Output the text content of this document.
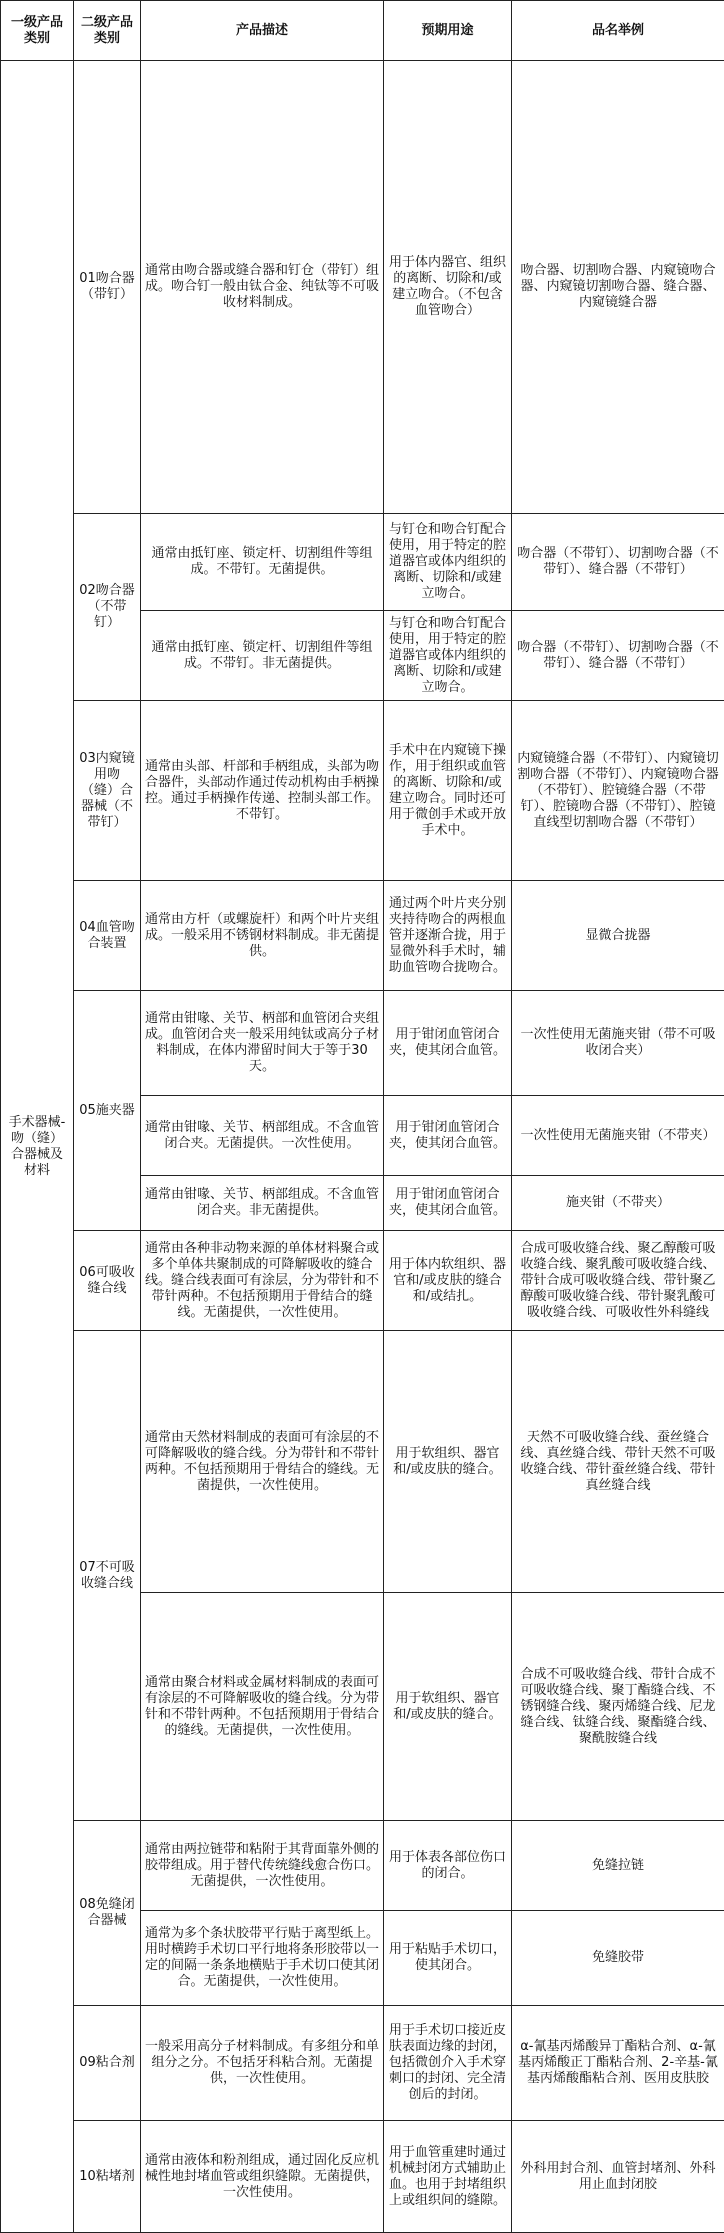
一级产品类别	二级产品类别	产品描述	预期用途	品名举例
手术器械-吻（缝）合器械及材料	01吻合器（带钉）	通常由吻合器或缝合器和钉仓（带钉）组成。吻合钉一般由钛合金、纯钛等不可吸收材料制成。	用于体内器官、组织的离断、切除和/或建立吻合。（不包含血管吻合）	吻合器、切割吻合器、内窥镜吻合器、内窥镜切割吻合器、缝合器、内窥镜缝合器
	02吻合器（不带钉）	通常由抵钉座、锁定杆、切割组件等组成。不带钉。无菌提供。	与钉仓和吻合钉配合使用，用于特定的腔道器官或体内组织的离断、切除和/或建立吻合。	吻合器（不带钉）、切割吻合器（不带钉）、缝合器（不带钉）
		通常由抵钉座、锁定杆、切割组件等组成。不带钉。非无菌提供。	与钉仓和吻合钉配合使用，用于特定的腔道器官或体内组织的离断、切除和/或建立吻合。	吻合器（不带钉）、切割吻合器（不带钉）、缝合器（不带钉）
	03内窥镜用吻（缝）合器械（不带钉）	通常由头部、杆部和手柄组成，头部为吻合器件，头部动作通过传动机构由手柄操控。通过手柄操作传递、控制头部工作。不带钉。	手术中在内窥镜下操作，用于组织或血管的离断、切除和/或建立吻合。同时还可用于微创手术或开放手术中。	内窥镜缝合器（不带钉）、内窥镜切割吻合器（不带钉）、内窥镜吻合器（不带钉）、腔镜缝合器（不带钉）、腔镜吻合器（不带钉）、腔镜直线型切割吻合器（不带钉）
	04血管吻合装置	通常由方杆（或螺旋杆）和两个叶片夹组成。一般采用不锈钢材料制成。非无菌提供。	通过两个叶片夹分别夹持待吻合的两根血管并逐渐合拢，用于显微外科手术时，辅助血管吻合拢吻合。	显微合拢器
	05施夹器	通常由钳喙、关节、柄部和血管闭合夹组成。血管闭合夹一般采用纯钛或高分子材料制成，在体内滞留时间大于等于30天。	用于钳闭血管闭合夹，使其闭合血管。	一次性使用无菌施夹钳（带不可吸收闭合夹）
		通常由钳喙、关节、柄部组成。不含血管闭合夹。无菌提供。一次性使用。	用于钳闭血管闭合夹，使其闭合血管。	一次性使用无菌施夹钳（不带夹）
		通常由钳喙、关节、柄部组成。不含血管闭合夹。非无菌提供。	用于钳闭血管闭合夹，使其闭合血管。	施夹钳（不带夹）
	06可吸收缝合线	通常由各种非动物来源的单体材料聚合或多个单体共聚制成的可降解吸收的缝合线。缝合线表面可有涂层，分为带针和不带针两种。不包括预期用于骨结合的缝线。无菌提供，一次性使用。	用于体内软组织、器官和/或皮肤的缝合和/或结扎。	合成可吸收缝合线、聚乙醇酸可吸收缝合线、聚乳酸可吸收缝合线、带针合成可吸收缝合线、带针聚乙醇酸可吸收缝合线、带针聚乳酸可吸收缝合线、可吸收性外科缝线
	07不可吸收缝合线	通常由天然材料制成的表面可有涂层的不可降解吸收的缝合线。分为带针和不带针两种。不包括预期用于骨结合的缝线。无菌提供，一次性使用。	用于软组织、器官和/或皮肤的缝合。	天然不可吸收缝合线、蚕丝缝合线、真丝缝合线、带针天然不可吸收缝合线、带针蚕丝缝合线、带针真丝缝合线
		通常由聚合材料或金属材料制成的表面可有涂层的不可降解吸收的缝合线。分为带针和不带针两种。不包括预期用于骨结合的缝线。无菌提供，一次性使用。	用于软组织、器官和/或皮肤的缝合。	合成不可吸收缝合线、带针合成不可吸收缝合线、聚丁酯缝合线、不锈钢缝合线、聚丙烯缝合线、尼龙缝合线、钛缝合线、聚酯缝合线、聚酰胺缝合线
	08免缝闭合器械	通常由两拉链带和粘附于其背面靠外侧的胶带组成。用于替代传统缝线愈合伤口。无菌提供，一次性使用。	用于体表各部位伤口的闭合。	免缝拉链
		通常为多个条状胶带平行贴于离型纸上。用时横跨手术切口平行地将条形胶带以一定的间隔一条条地横贴于手术切口使其闭合。无菌提供，一次性使用。	用于粘贴手术切口，使其闭合。	免缝胶带
	09粘合剂	一般采用高分子材料制成。有多组分和单组分之分。不包括牙科粘合剂。无菌提供，一次性使用。	用于手术切口接近皮肤表面边缘的封闭，包括微创介入手术穿刺口的封闭、完全清创后的封闭。	α-氰基丙烯酸异丁酯粘合剂、α-氰基丙烯酸正丁酯粘合剂、2-辛基-氰基丙烯酸酯粘合剂、医用皮肤胶
	10粘堵剂	通常由液体和粉剂组成，通过固化反应机械性地封堵血管或组织缝隙。无菌提供，一次性使用。	用于血管重建时通过机械封闭方式辅助止血。也用于封堵组织上或组织间的缝隙。	外科用封合剂、血管封堵剂、外科用止血封闭胶
